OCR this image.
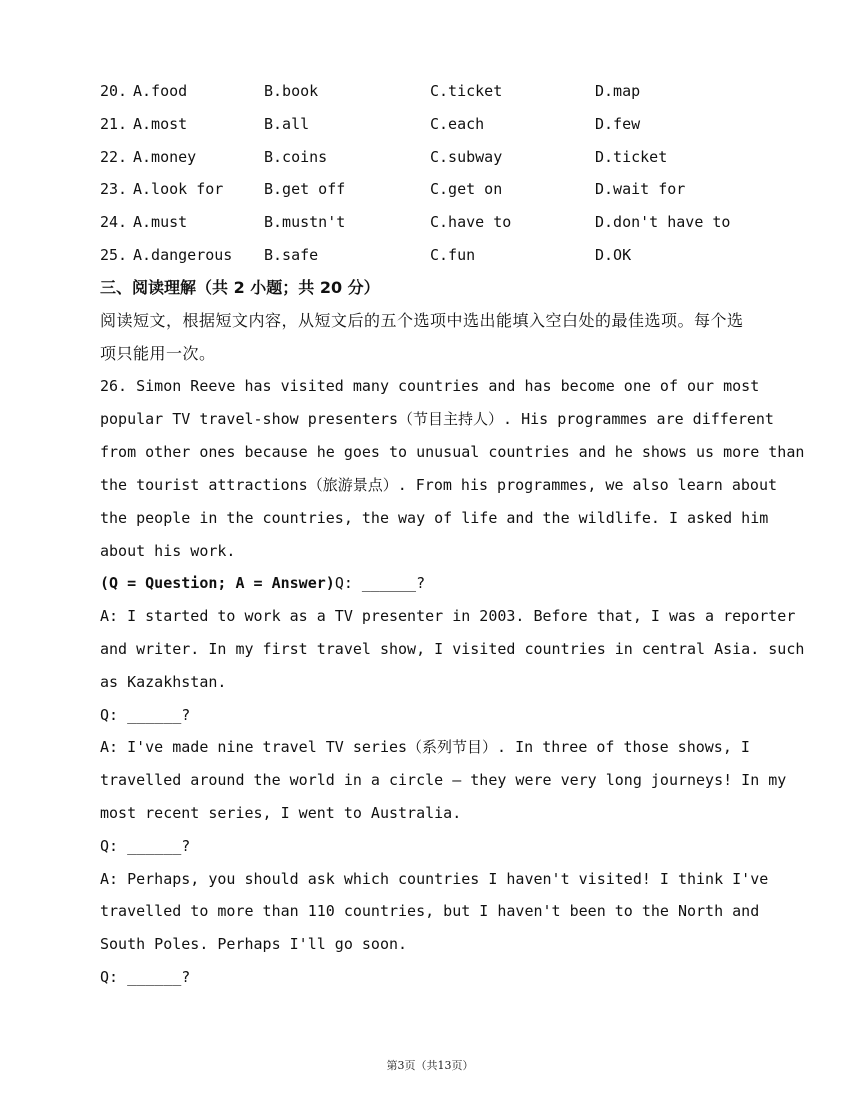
20. A.food	B.book	C.ticket	D.map
21. A.most	B.all	C.each	D.few
22. A.money	B.coins	C.subway	D.ticket
23. A.look for	B.get off	C.get on	D.wait for
24. A.must	B.mustn't	C.have to	D.don't have to
25. A.dangerous B.safe	C.fun	D.OK
三、阅读理解（共 2 小题；共 20 分）
阅读短文，根据短文内容，从短文后的五个选项中选出能填入空白处的最佳选项。每个选
项只能用一次。
26. Simon Reeve has visited many countries and has become one of our most
popular TV travel-show presenters（节目主持人）. His programmes are different
from other ones because he goes to unusual countries and he shows us more than
the tourist attractions（旅游景点）. From his programmes, we also learn about
the people in the countries, the way of life and the wildlife. I asked him
about his work.
(Q = Question; A = Answer)Q: ______?
A: I started to work as a TV presenter in 2003. Before that, I was a reporter
and writer. In my first travel show, I visited countries in central Asia. such
as Kazakhstan.
Q: ______?
A: I've made nine travel TV series（系列节目）. In three of those shows, I
travelled around the world in a circle — they were very long journeys! In my
most recent series, I went to Australia.
Q: ______?
A: Perhaps, you should ask which countries I haven't visited! I think I've
travelled to more than 110 countries, but I haven't been to the North and
South Poles. Perhaps I'll go soon.
Q: ______?
第3页（共13页）
